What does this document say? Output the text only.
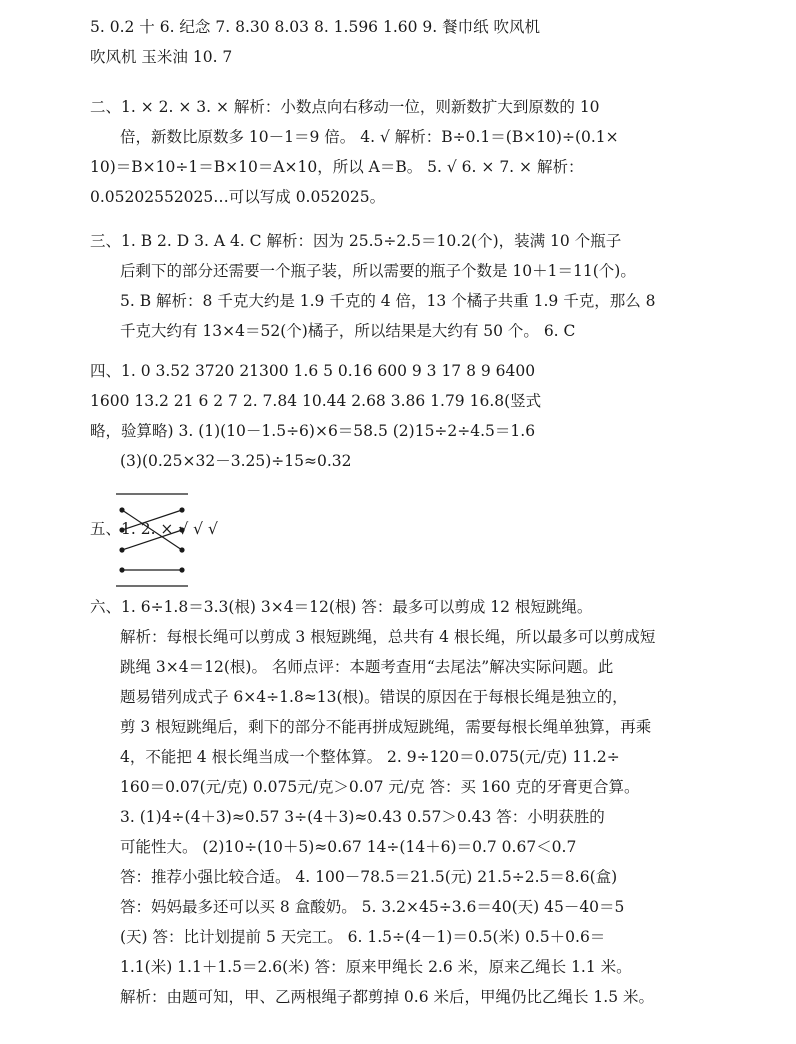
5. 0.2 十 6. 纪念 7. 8.30 8.03 8. 1.596 1.60 9. 餐巾纸 吹风机
吹风机 玉米油 10. 7
二、1. × 2. × 3. × 解析：小数点向右移动一位，则新数扩大到原数的 10
倍，新数比原数多 10－1＝9 倍。 4. √ 解析：B÷0.1＝(B×10)÷(0.1×
10)＝B×10÷1＝B×10＝A×10，所以 A＝B。 5. √ 6. × 7. × 解析：
0.0520255202​5…可以写成 0.052025。
三、1. B 2. D 3. A 4. C 解析：因为 25.5÷2.5＝10.2(个)，装满 10 个瓶子
后剩下的部分还需要一个瓶子装，所以需要的瓶子个数是 10＋1＝11(个)。
5. B 解析：8 千克大约是 1.9 千克的 4 倍，13 个橘子共重 1.9 千克，那么 8
千克大约有 13×4＝52(个)橘子，所以结果是大约有 50 个。 6. C
四、1. 0 3.52 3720 21300 1.6 5 0.16 600 9 3 17 8 9 6400
1600 13.2 21 6 2 7 2. 7.84 10.44 2.68 3.86 1.79 16.8(竖式
略，验算略) 3. (1)(10－1.5÷6)×6＝58.5 (2)15÷2÷4.5＝1.6
(3)(0.25×32－3.25)÷15≈0.32
五、1. 2. × √ √ √
六、1. 6÷1.8＝3.3(根) 3×4＝12(根) 答：最多可以剪成 12 根短跳绳。
解析：每根长绳可以剪成 3 根短跳绳，总共有 4 根长绳，所以最多可以剪成短
跳绳 3×4＝12(根)。 名师点评：本题考查用“去尾法”解决实际问题。此
题易错列成式子 6×4÷1.8≈13(根)。错误的原因在于每根长绳是独立的，
剪 3 根短跳绳后，剩下的部分不能再拼成短跳绳，需要每根长绳单独算，再乘
4，不能把 4 根长绳当成一个整体算。 2. 9÷120＝0.075(元/克) 11.2÷
160＝0.07(元/克) 0.075元/克＞0.07 元/克 答：买 160 克的牙膏更合算。
3. (1)4÷(4＋3)≈0.57 3÷(4＋3)≈0.43 0.57＞0.43 答：小明获胜的
可能性大。 (2)10÷(10＋5)≈0.67 14÷(14＋6)＝0.7 0.67＜0.7
答：推荐小强比较合适。 4. 100－78.5＝21.5(元) 21.5÷2.5＝8.6(盒)
答：妈妈最多还可以买 8 盒酸奶。 5. 3.2×45÷3.6＝40(天) 45－40＝5
(天) 答：比计划提前 5 天完工。 6. 1.5÷(4－1)＝0.5(米) 0.5＋0.6＝
1.1(米) 1.1＋1.5＝2.6(米) 答：原来甲绳长 2.6 米，原来乙绳长 1.1 米。
解析：由题可知，甲、乙两根绳子都剪掉 0.6 米后，甲绳仍比乙绳长 1.5 米。
